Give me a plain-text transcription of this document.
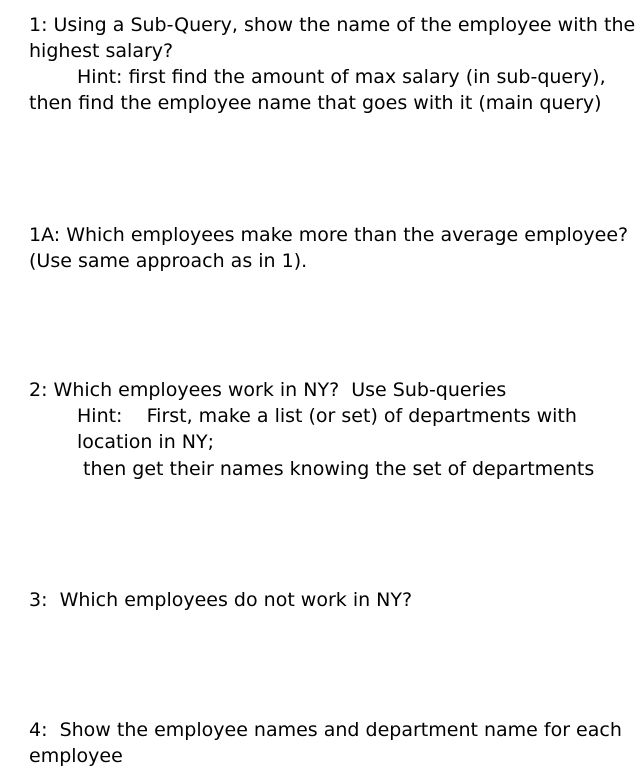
1: Using a Sub-Query, show the name of the employee with the
highest salary?
Hint: first find the amount of max salary (in sub-query),
then find the employee name that goes with it (main query)
1A: Which employees make more than the average employee?
(Use same approach as in 1).
2: Which employees work in NY?  Use Sub-queries
Hint:    First, make a list (or set) of departments with
location in NY;
then get their names knowing the set of departments
3:  Which employees do not work in NY?
4:  Show the employee names and department name for each
employee
